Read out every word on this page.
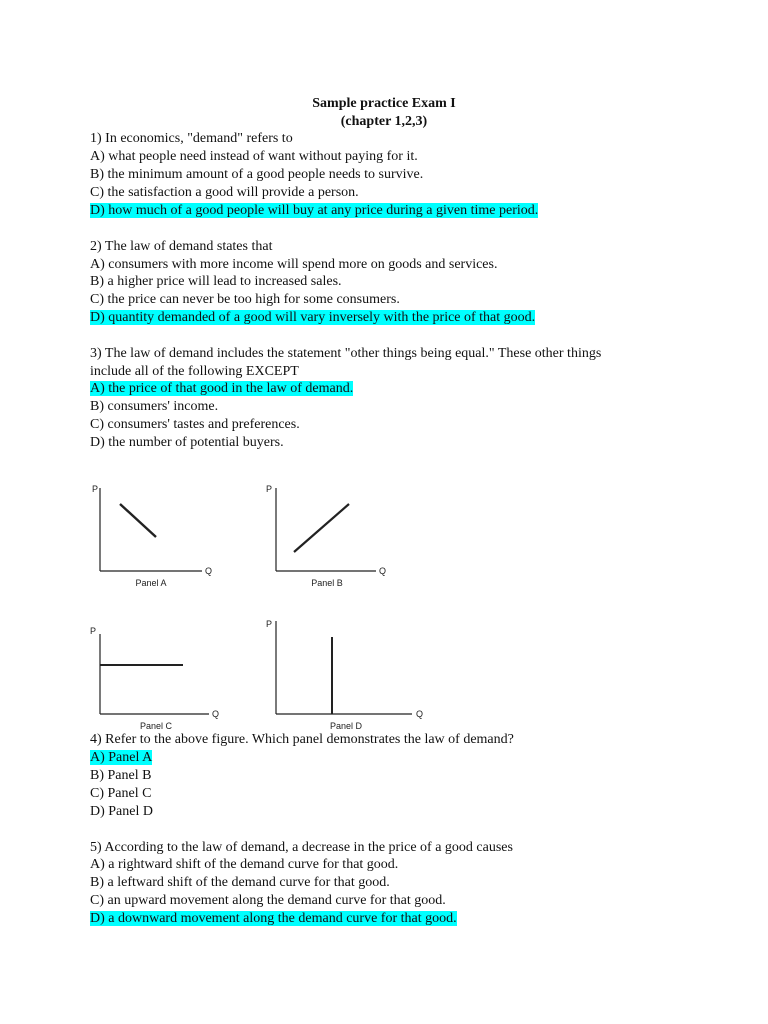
Sample practice Exam I
(chapter 1,2,3)
1) In economics, "demand" refers to
A) what people need instead of want without paying for it.
B) the minimum amount of a good people needs to survive.
C) the satisfaction a good will provide a person.
D) how much of a good people will buy at any price during a given time period.
2) The law of demand states that
A) consumers with more income will spend more on goods and services.
B) a higher price will lead to increased sales.
C) the price can never be too high for some consumers.
D) quantity demanded of a good will vary inversely with the price of that good.
3) The law of demand includes the statement "other things being equal." These other things
include all of the following EXCEPT
A) the price of that good in the law of demand.
B) consumers' income.
C) consumers' tastes and preferences.
D) the number of potential buyers.
P
Q
Panel A
P
Q
Panel B
P
Q
Panel C
P
Q
Panel D
4) Refer to the above figure. Which panel demonstrates the law of demand?
A) Panel A
B) Panel B
C) Panel C
D) Panel D
5) According to the law of demand, a decrease in the price of a good causes
A) a rightward shift of the demand curve for that good.
B) a leftward shift of the demand curve for that good.
C) an upward movement along the demand curve for that good.
D) a downward movement along the demand curve for that good.
